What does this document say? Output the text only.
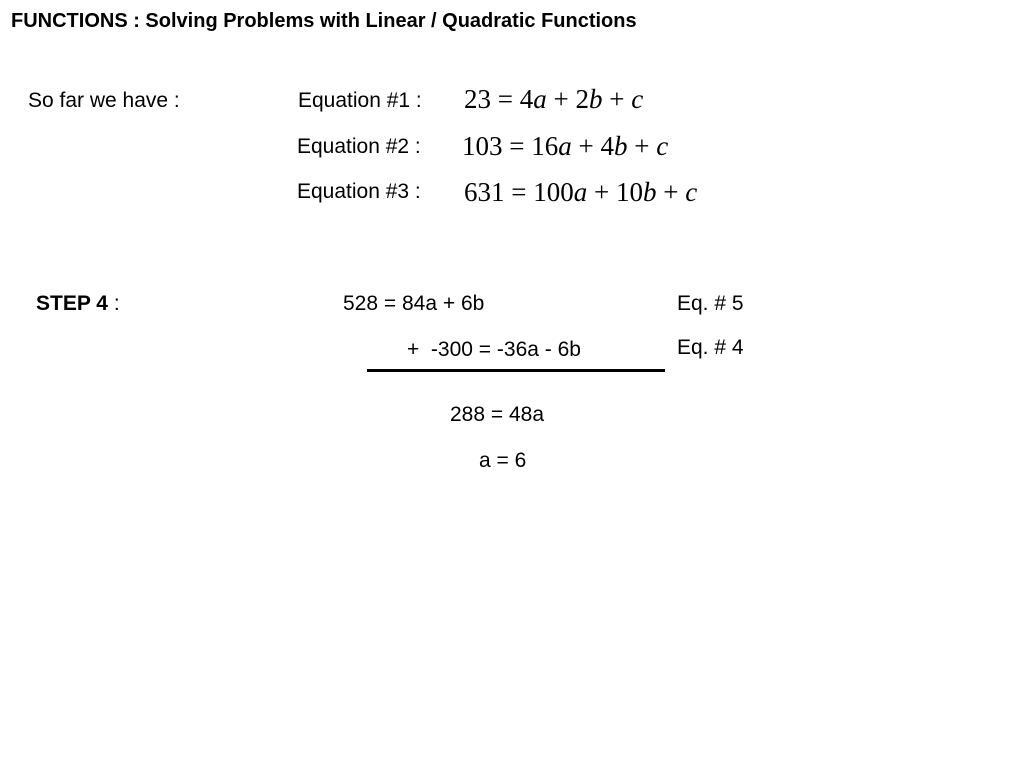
FUNCTIONS : Solving Problems with Linear / Quadratic Functions
So far we have :	Equation #1 : 23 = 4a + 2b + c
Equation #2 : 103 = 16a + 4b + c
Equation #3 : 631 = 100a + 10b + c
STEP 4 :	528 = 84a + 6b	Eq. # 5
+  -300 = -36a - 6b	Eq. # 4
288 = 48a
a = 6
